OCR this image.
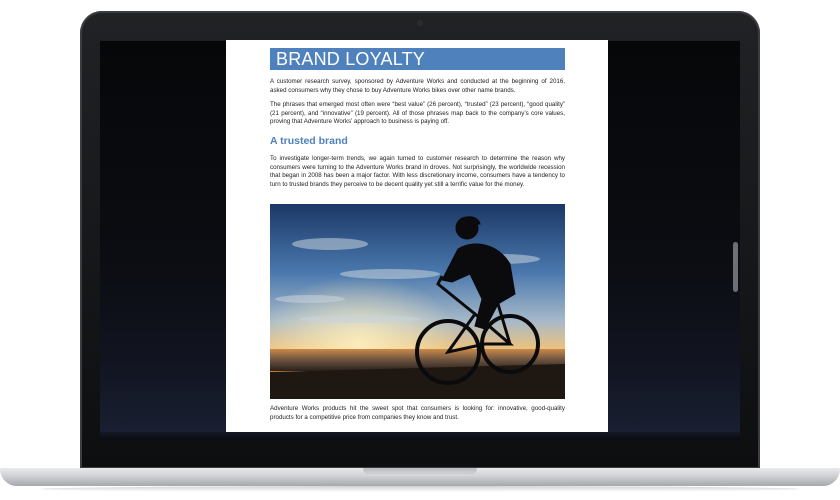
BRAND LOYALTY

A customer research survey, sponsored by Adventure Works and conducted at the beginning of 2016, asked consumers why they chose to buy Adventure Works bikes over other name brands.

The phrases that emerged most often were “best value” (26 percent), “trusted” (23 percent), “good quality” (21 percent), and “innovative” (19 percent). All of those phrases map back to the company’s core values, proving that Adventure Works’ approach to business is paying off.

A trusted brand

To investigate longer-term trends, we again turned to customer research to determine the reason why consumers were turning to the Adventure Works brand in droves. Not surprisingly, the worldwide recession that began in 2008 has been a major factor. With less discretionary income, consumers have a tendency to turn to trusted brands they perceive to be decent quality yet still a terrific value for the money.

Adventure Works products hit the sweet spot that consumers is looking for: innovative, good-quality products for a competitive price from companies they know and trust.
